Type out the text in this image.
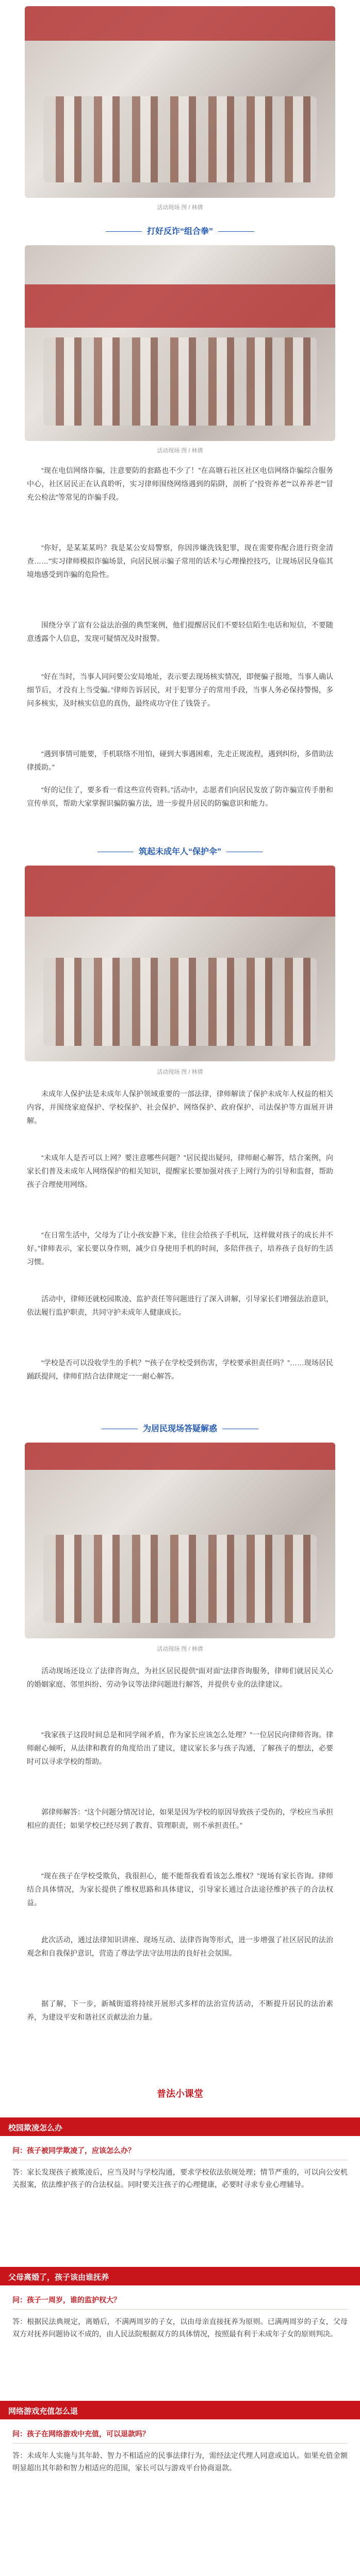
活动现场 图 / 林倩
打好反诈“组合拳”
活动现场 图 / 林倩
“现在电信网络诈骗，注意要防的套路也不少了！”在高塘石社区社区电信网络诈骗综合服务中心，社区居民正在认真聆听，实习律师围绕网络遇到的陷阱，剖析了“投资养老”“以养养老”“冒充公检法”等常见的诈骗手段。
“你好，是某某某吗？我是某公安局警察，你因涉嫌洗钱犯罪，现在需要你配合进行资金清查……”实习律师模拟诈骗场景，向居民展示骗子常用的话术与心理操控技巧，让现场居民身临其境地感受到诈骗的危险性。
围绕分享了富有公益法治强的典型案例，他们提醒居民们不要轻信陌生电话和短信，不要随意透露个人信息，发现可疑情况及时报警。
“好在当时，当事人同问要公安局地址，表示要去现场核实情况，即便骗子报地，当事人确认细节后，才没有上当受骗。”律师告诉居民，对于犯罪分子的常用手段，当事人务必保持警惕，多问多核实，及时核实信息的真伪，最终成功守住了钱袋子。
“遇到事情可能要，手机联络不用怕，碰到大事遇困难，先走正规流程，遇到纠纷，多借助法律援助。”
“好的记住了，要多看一看这些宣传资料。”活动中，志愿者们向居民发放了防诈骗宣传手册和宣传单页，帮助大家掌握识骗防骗方法，进一步提升居民的防骗意识和能力。
筑起未成年人“保护伞”
活动现场 图 / 林倩
未成年人保护法是未成年人保护领域重要的一部法律，律师解读了保护未成年人权益的相关内容，并围绕家庭保护、学校保护、社会保护、网络保护、政府保护、司法保护等方面展开讲解。
“未成年人是否可以上网？要注意哪些问题？”居民提出疑问，律师耐心解答，结合案例，向家长们普及未成年人网络保护的相关知识，提醒家长要加强对孩子上网行为的引导和监督，帮助孩子合理使用网络。
“在日常生活中，父母为了让小孩安静下来，往往会给孩子手机玩，这样做对孩子的成长并不好。”律师表示，家长要以身作则，减少自身使用手机的时间，多陪伴孩子，培养孩子良好的生活习惯。
活动中，律师还就校园欺凌、监护责任等问题进行了深入讲解，引导家长们增强法治意识，依法履行监护职责，共同守护未成年人健康成长。
“学校是否可以没收学生的手机？”“孩子在学校受到伤害，学校要承担责任吗？”……现场居民踊跃提问，律师们结合法律规定一一耐心解答。
为居民现场答疑解惑
活动现场 图 / 林倩
活动现场还设立了法律咨询点，为社区居民提供“面对面”法律咨询服务，律师们就居民关心的婚姻家庭、邻里纠纷、劳动争议等法律问题进行解答，并提供专业的法律建议。
“我家孩子这段时间总是和同学闹矛盾，作为家长应该怎么处理？”一位居民向律师咨询。律师耐心倾听，从法律和教育的角度给出了建议，建议家长多与孩子沟通，了解孩子的想法，必要时可以寻求学校的帮助。
郭律师解答：“这个问题分情况讨论，如果是因为学校的原因导致孩子受伤的，学校应当承担相应的责任；如果学校已经尽到了教育、管理职责，则不承担责任。”
“现在孩子在学校受欺负，我很担心，能不能帮我看看该怎么维权？”现场有家长咨询。律师结合具体情况，为家长提供了维权思路和具体建议，引导家长通过合法途径维护孩子的合法权益。
此次活动，通过法律知识讲座、现场互动、法律咨询等形式，进一步增强了社区居民的法治观念和自我保护意识，营造了尊法学法守法用法的良好社会氛围。
据了解，下一步，新城街道将持续开展形式多样的法治宣传活动，不断提升居民的法治素养，为建设平安和谐社区贡献法治力量。
普法小课堂
校园欺凌怎么办
问：孩子被同学欺凌了，应该怎么办？
答：家长发现孩子被欺凌后，应当及时与学校沟通，要求学校依法依规处理；情节严重的，可以向公安机关报案，依法维护孩子的合法权益。同时要关注孩子的心理健康，必要时寻求专业心理辅导。
父母离婚了，孩子该由谁抚养
问：孩子一周岁，谁的监护权大？
答：根据民法典规定，离婚后，不满两周岁的子女，以由母亲直接抚养为原则。已满两周岁的子女，父母双方对抚养问题协议不成的，由人民法院根据双方的具体情况，按照最有利于未成年子女的原则判决。
网络游戏充值怎么退
问：孩子在网络游戏中充值，可以退款吗？
答：未成年人实施与其年龄、智力不相适应的民事法律行为，需经法定代理人同意或追认。如果充值金额明显超出其年龄和智力相适应的范围，家长可以与游戏平台协商退款。
